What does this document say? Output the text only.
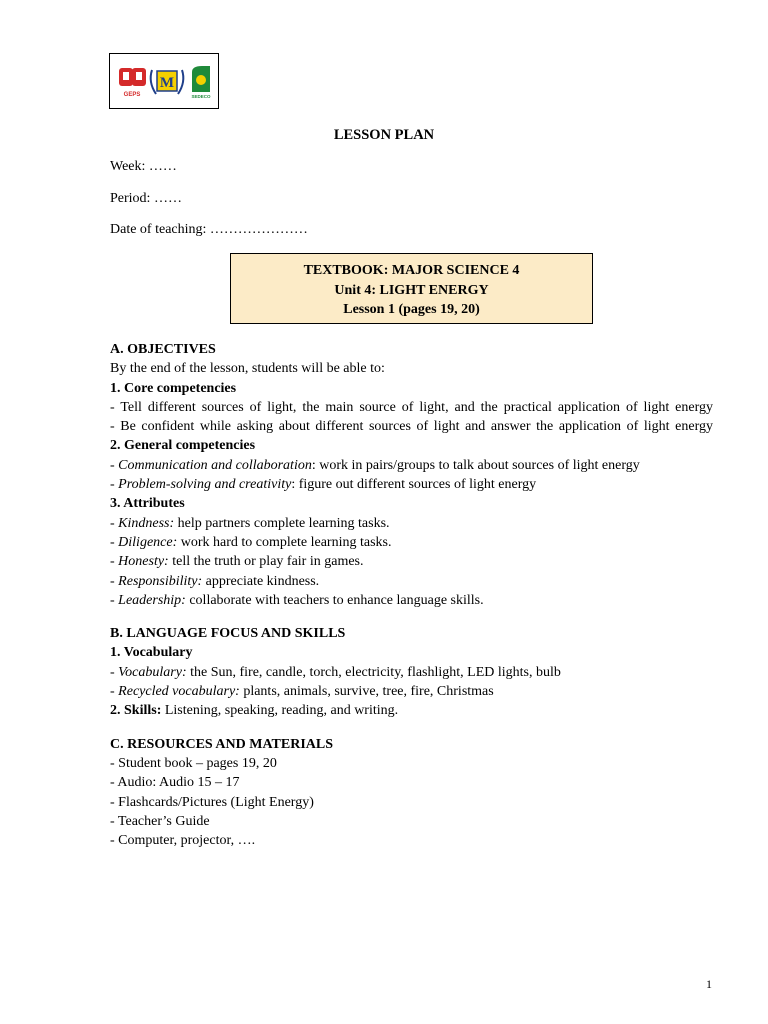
GEPS
M
SEDECO
LESSON PLAN
Week: ……
Period: ……
Date of teaching: …………………
TEXTBOOK: MAJOR SCIENCE 4
Unit 4: LIGHT ENERGY
Lesson 1 (pages 19, 20)
A. OBJECTIVES
By the end of the lesson, students will be able to:
1. Core competencies
- Tell different sources of light, the main source of light, and the practical application of light energy
- Be confident while asking about different sources of light and answer the application of light energy
2. General competencies
- Communication and collaboration: work in pairs/groups to talk about sources of light energy
- Problem-solving and creativity: figure out different sources of light energy
3. Attributes
- Kindness: help partners complete learning tasks.
- Diligence: work hard to complete learning tasks.
- Honesty: tell the truth or play fair in games.
- Responsibility: appreciate kindness.
- Leadership: collaborate with teachers to enhance language skills.
B. LANGUAGE FOCUS AND SKILLS
1. Vocabulary
- Vocabulary: the Sun, fire, candle, torch, electricity, flashlight, LED lights, bulb
- Recycled vocabulary: plants, animals, survive, tree, fire, Christmas
2. Skills: Listening, speaking, reading, and writing.
C. RESOURCES AND MATERIALS
- Student book – pages 19, 20
- Audio: Audio 15 – 17
- Flashcards/Pictures (Light Energy)
- Teacher’s Guide
- Computer, projector, ….
1
